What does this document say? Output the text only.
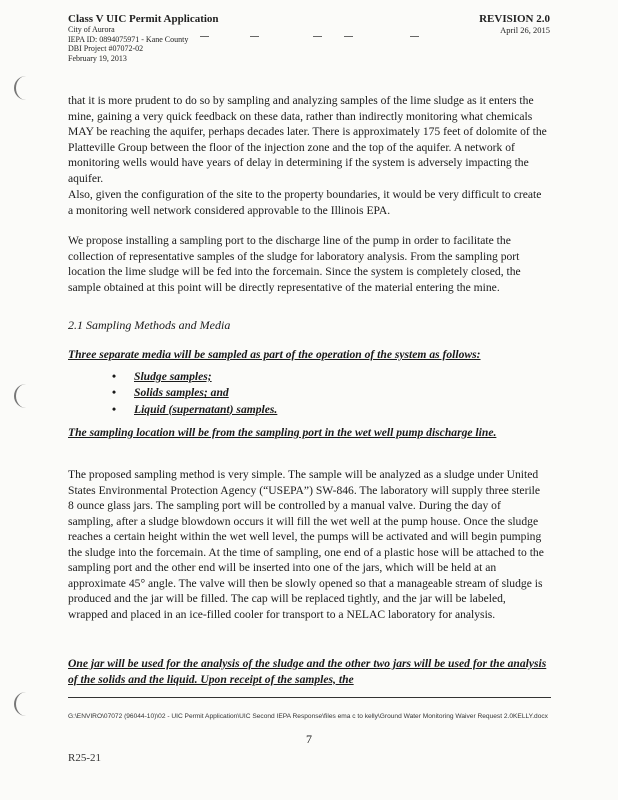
Class V UIC Permit Application
City of Aurora
IEPA ID: 0894075971 - Kane County
DBI Project #07072-02
February 19, 2013
REVISION 2.0
April 26, 2015

that it is more prudent to do so by sampling and analyzing samples of the lime sludge as it enters the mine, gaining a very quick feedback on these data, rather than indirectly monitoring what chemicals MAY be reaching the aquifer, perhaps decades later. There is approximately 175 feet of dolomite of the Platteville Group between the floor of the injection zone and the top of the aquifer. A network of monitoring wells would have years of delay in determining if the system is adversely impacting the aquifer.

Also, given the configuration of the site to the property boundaries, it would be very difficult to create a monitoring well network considered approvable to the Illinois EPA.

We propose installing a sampling port to the discharge line of the pump in order to facilitate the collection of representative samples of the sludge for laboratory analysis. From the sampling port location the lime sludge will be fed into the forcemain. Since the system is completely closed, the sample obtained at this point will be directly representative of the material entering the mine.

2.1 Sampling Methods and Media
Three separate media will be sampled as part of the operation of the system as follows:
• Sludge samples;
• Solids samples; and
• Liquid (supernatant) samples.
The sampling location will be from the sampling port in the wet well pump discharge line.

The proposed sampling method is very simple. The sample will be analyzed as a sludge under United States Environmental Protection Agency (“USEPA”) SW-846. The laboratory will supply three sterile 8 ounce glass jars. The sampling port will be controlled by a manual valve. During the day of sampling, after a sludge blowdown occurs it will fill the wet well at the pump house. Once the sludge reaches a certain height within the wet well level, the pumps will be activated and will begin pumping the sludge into the forcemain. At the time of sampling, one end of a plastic hose will be attached to the sampling port and the other end will be inserted into one of the jars, which will be held at an approximate 45° angle. The valve will then be slowly opened so that a manageable stream of sludge is produced and the jar will be filled. The cap will be replaced tightly, and the jar will be labeled, wrapped and placed in an ice-filled cooler for transport to a NELAC laboratory for analysis.

One jar will be used for the analysis of the sludge and the other two jars will be used for the analysis of the solids and the liquid. Upon receipt of the samples, the
G:\ENVIRO\07072 (96044-10)\02 - UIC Permit Application\UIC Second IEPA Response\files ema c to kelly\Ground Water Monitoring Waiver Request 2.0KELLY.docx
7
R25-21
